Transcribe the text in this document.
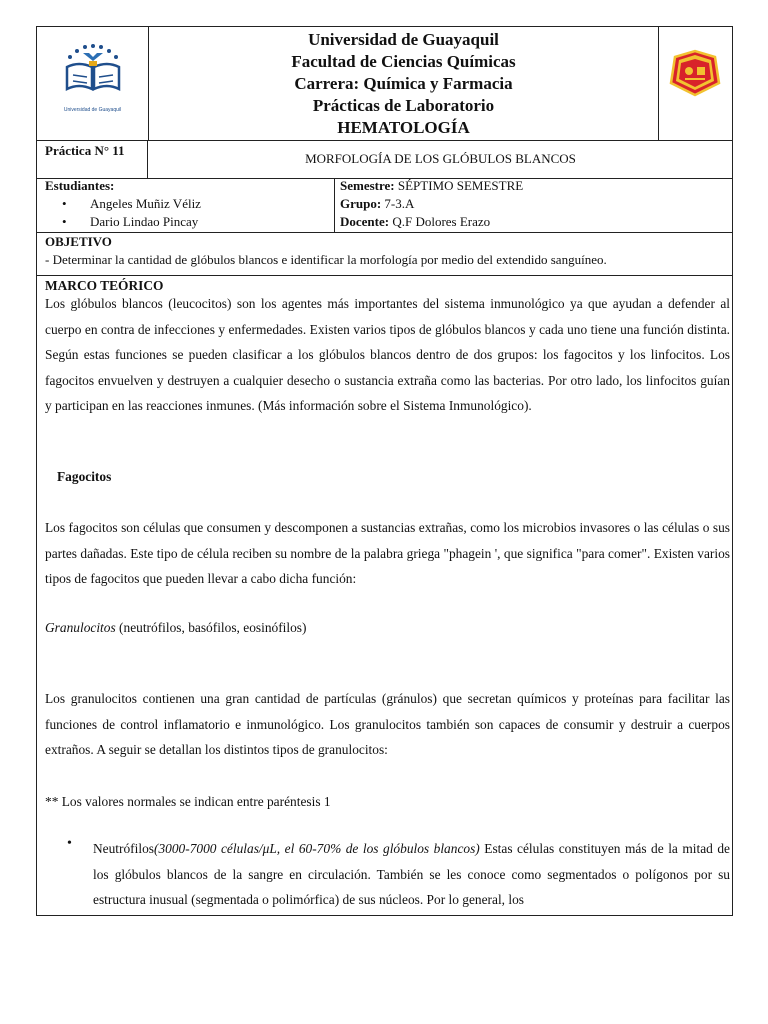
Universidad de Guayaquil
Universidad de Guayaquil
Facultad de Ciencias Químicas
Carrera: Química y Farmacia
Prácticas de Laboratorio
HEMATOLOGÍA
Práctica N° 11
MORFOLOGÍA DE LOS GLÓBULOS BLANCOS
Estudiantes:
• Angeles Muñiz Véliz
• Dario Lindao Pincay
Semestre: SÉPTIMO SEMESTRE
Grupo: 7-3.A
Docente: Q.F Dolores Erazo
OBJETIVO
- Determinar la cantidad de glóbulos blancos e identificar la morfología por medio del extendido sanguíneo.
MARCO TEÓRICO
Los glóbulos blancos (leucocitos) son los agentes más importantes del sistema inmunológico ya que ayudan a defender al cuerpo en contra de infecciones y enfermedades. Existen varios tipos de glóbulos blancos y cada uno tiene una función distinta. Según estas funciones se pueden clasificar a los glóbulos blancos dentro de dos grupos: los fagocitos y los linfocitos. Los fagocitos envuelven y destruyen a cualquier desecho o sustancia extraña como las bacterias. Por otro lado, los linfocitos guían y participan en las reacciones inmunes. (Más información sobre el Sistema Inmunológico).
Fagocitos
Los fagocitos son células que consumen y descomponen a sustancias extrañas, como los microbios invasores o las células o sus partes dañadas. Este tipo de célula reciben su nombre de la palabra griega "phagein ', que significa "para comer". Existen varios tipos de fagocitos que pueden llevar a cabo dicha función:
Granulocitos (neutrófilos, basófilos, eosinófilos)
Los granulocitos contienen una gran cantidad de partículas (gránulos) que secretan químicos y proteínas para facilitar las funciones de control inflamatorio e inmunológico. Los granulocitos también son capaces de consumir y destruir a cuerpos extraños. A seguir se detallan los distintos tipos de granulocitos:
** Los valores normales se indican entre paréntesis 1
• Neutrófilos(3000-7000 células/μL, el 60-70% de los glóbulos blancos) Estas células constituyen más de la mitad de los glóbulos blancos de la sangre en circulación. También se les conoce como segmentados o polígonos por su estructura inusual (segmentada o polimórfica) de sus núcleos. Por lo general, los
